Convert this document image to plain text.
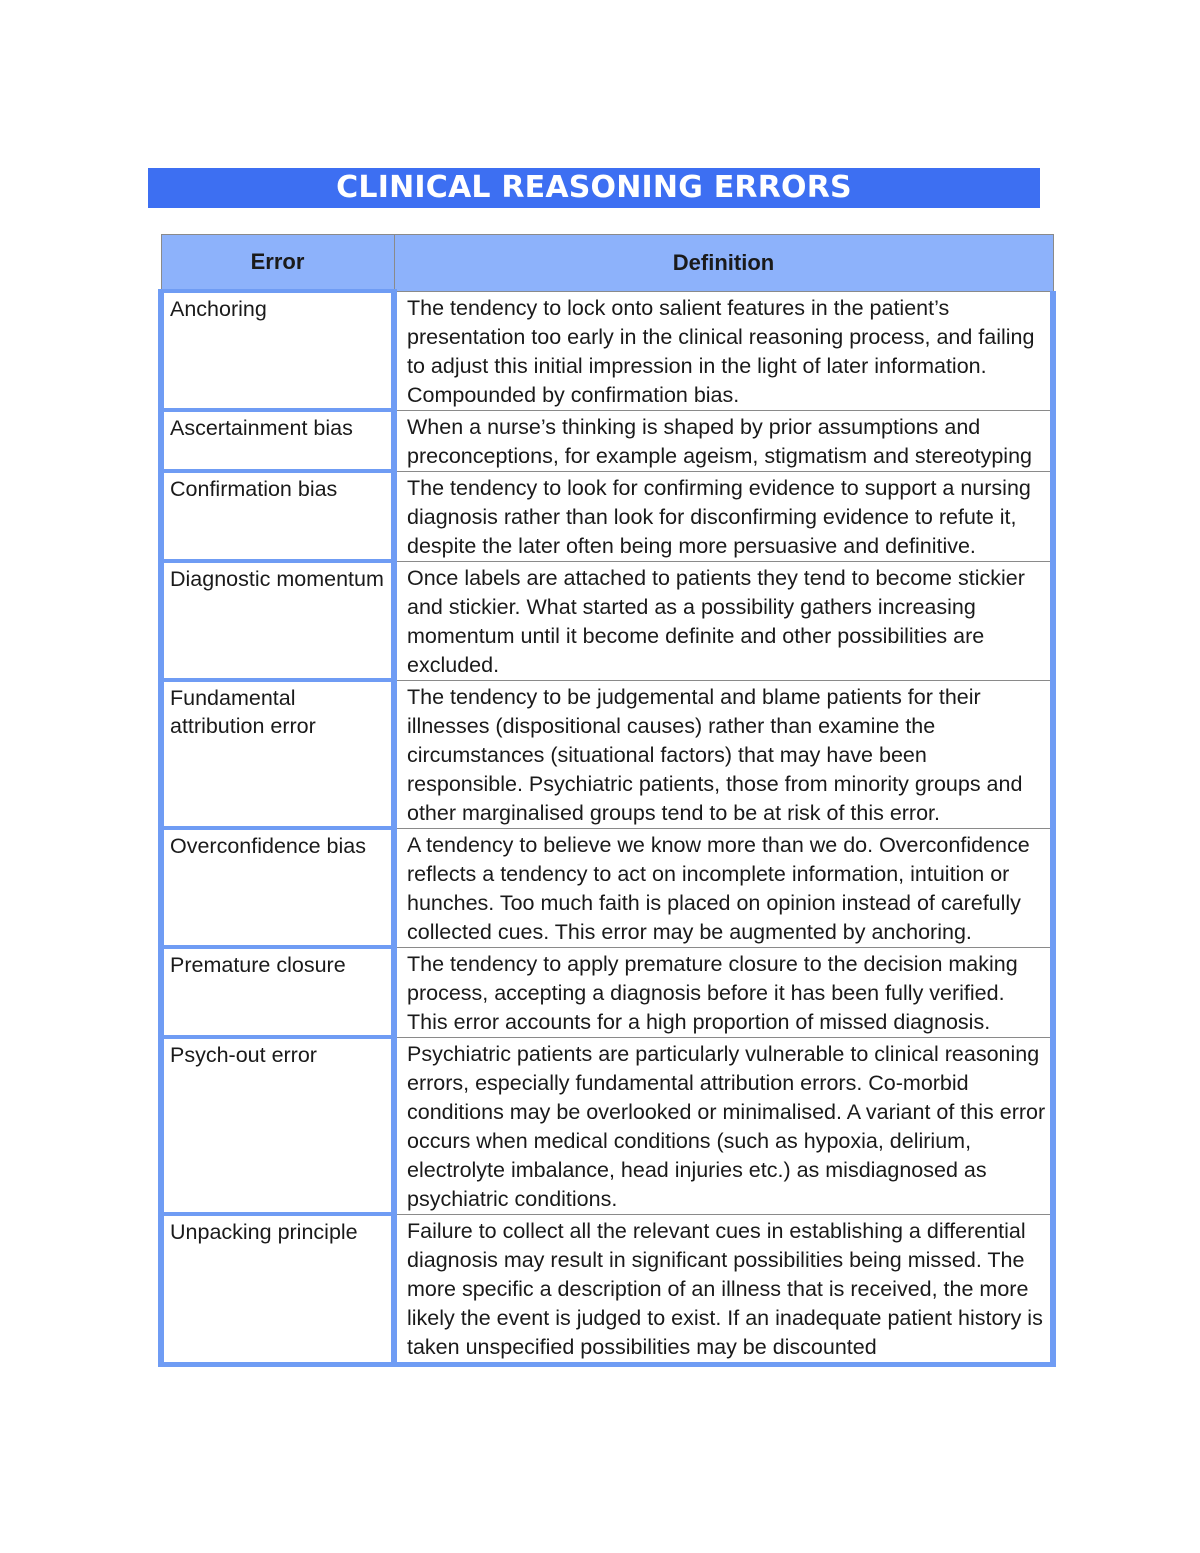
CLINICAL REASONING ERRORS
Error	Definition
Anchoring	The tendency to lock onto salient features in the patient’s presentation too early in the clinical reasoning process, and failing to adjust this initial impression in the light of later information. Compounded by confirmation bias.
Ascertainment bias	When a nurse’s thinking is shaped by prior assumptions and preconceptions, for example ageism, stigmatism and stereotyping
Confirmation bias	The tendency to look for confirming evidence to support a nursing diagnosis rather than look for disconfirming evidence to refute it, despite the later often being more persuasive and definitive.
Diagnostic momentum	Once labels are attached to patients they tend to become stickier and stickier. What started as a possibility gathers increasing momentum until it become definite and other possibilities are excluded.
Fundamental attribution error	The tendency to be judgemental and blame patients for their illnesses (dispositional causes) rather than examine the circumstances (situational factors) that may have been responsible. Psychiatric patients, those from minority groups and other marginalised groups tend to be at risk of this error.
Overconfidence bias	A tendency to believe we know more than we do. Overconfidence reflects a tendency to act on incomplete information, intuition or hunches. Too much faith is placed on opinion instead of carefully collected cues. This error may be augmented by anchoring.
Premature closure	The tendency to apply premature closure to the decision making process, accepting a diagnosis before it has been fully verified. This error accounts for a high proportion of missed diagnosis.
Psych-out error	Psychiatric patients are particularly vulnerable to clinical reasoning errors, especially fundamental attribution errors. Co-morbid conditions may be overlooked or minimalised. A variant of this error occurs when medical conditions (such as hypoxia, delirium, electrolyte imbalance, head injuries etc.) as misdiagnosed as psychiatric conditions.
Unpacking principle	Failure to collect all the relevant cues in establishing a differential diagnosis may result in significant possibilities being missed. The more specific a description of an illness that is received, the more likely the event is judged to exist. If an inadequate patient history is taken unspecified possibilities may be discounted
